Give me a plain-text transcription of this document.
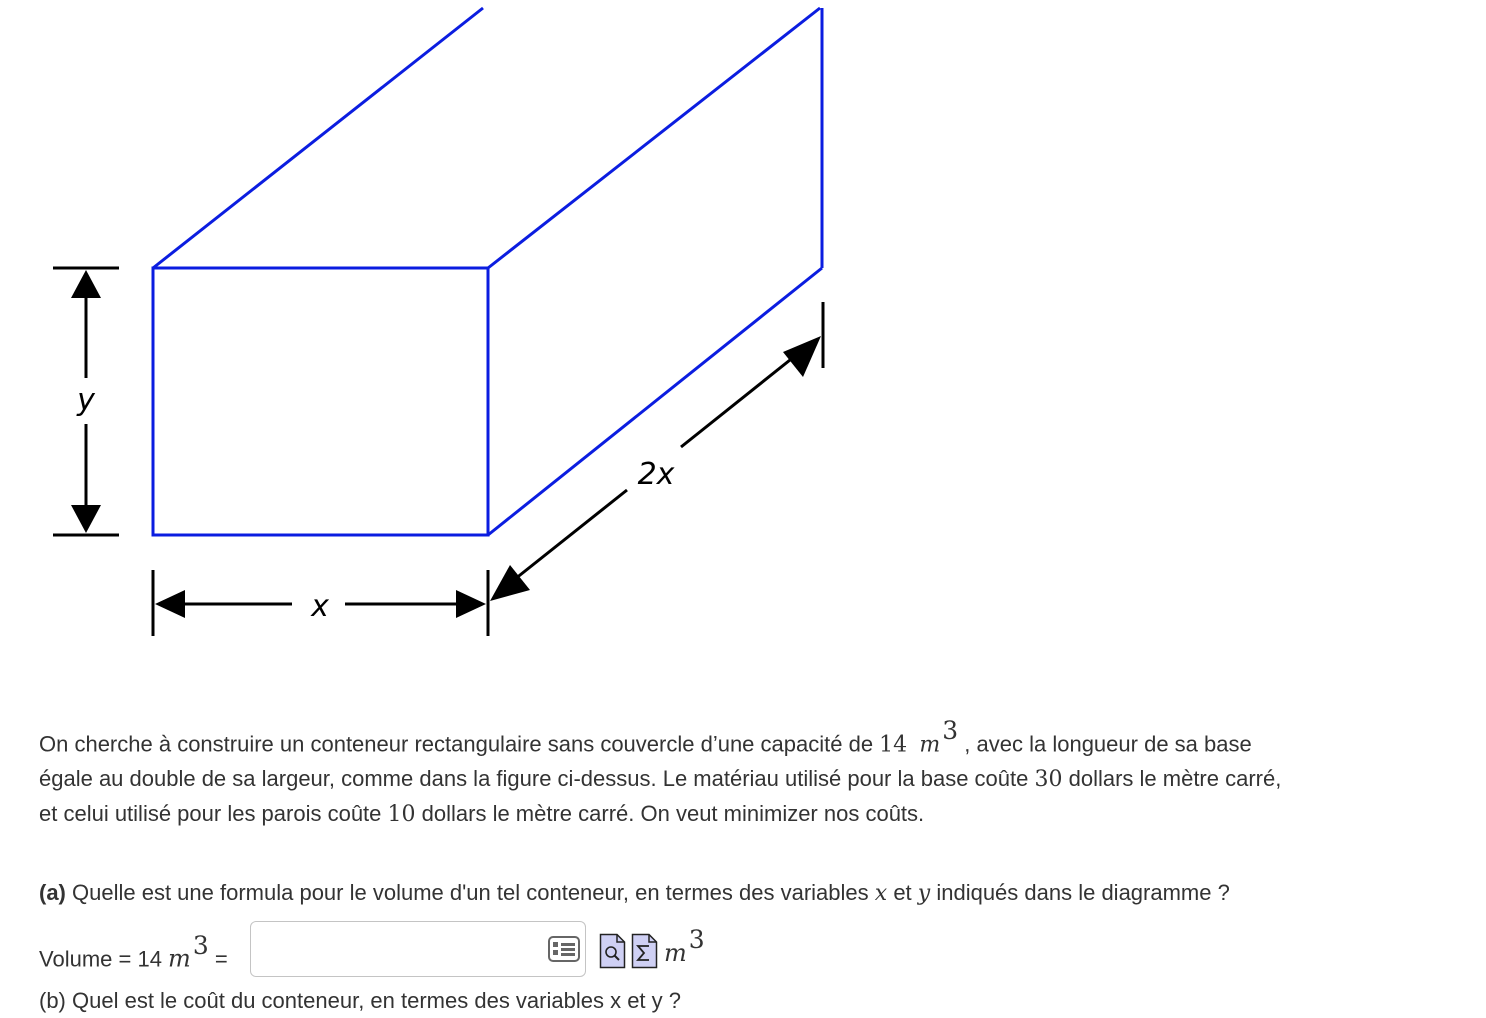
y
x
2x
On cherche à construire un conteneur rectangulaire sans couvercle d’une capacité de 14 $m^3$ , avec la longueur de sa base
égale au double de sa largeur, comme dans la figure ci-dessus. Le matériau utilisé pour la base coûte 30 dollars le mètre carré,
et celui utilisé pour les parois coûte 10 dollars le mètre carré. On veut minimizer nos coûts.
(a) Quelle est une formula pour le volume d'un tel conteneur, en termes des variables x et y indiqués dans le diagramme ?
Volume = 14 $m^3$ =	$m^3$
(b) Quel est le coût du conteneur, en termes des variables x et y ?
